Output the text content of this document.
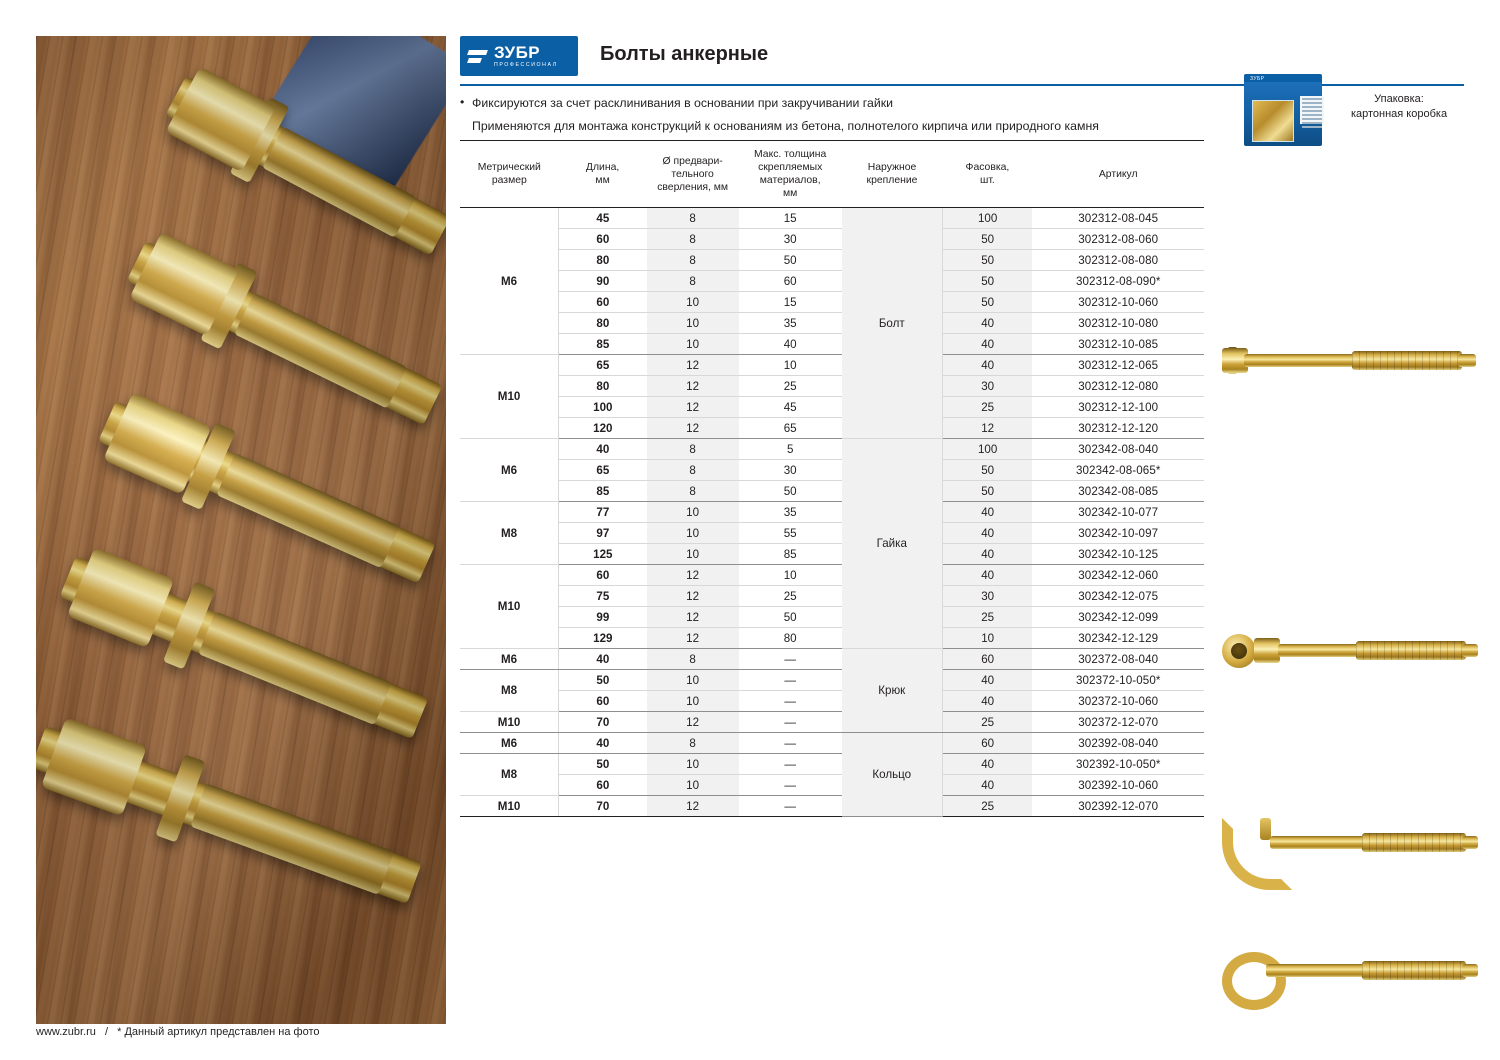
ЗУБР
ПРОФЕССИОНАЛ Болты анкерные
• Фиксируются за счет расклинивания в основании при закручивании гайки
Применяются для монтажа конструкций к основаниям из бетона, полнотелого кирпича или природного камня
ЗУБР
Упаковка:
картонная коробка
Метрический
размер	Длина,
мм	Ø предвари-
тельного
сверления, мм	Макс. толщина
скрепляемых
материалов,
мм	Наружное
крепление	Фасовка,
шт.	Артикул
M6	45	8	15	Болт	100	302312-08-045
	60	8	30		50	302312-08-060
	80	8	50		50	302312-08-080
	90	8	60		50	302312-08-090*
	60	10	15		50	302312-10-060
	80	10	35		40	302312-10-080
	85	10	40		40	302312-10-085
M10	65	12	10		40	302312-12-065
	80	12	25		30	302312-12-080
	100	12	45		25	302312-12-100
	120	12	65		12	302312-12-120
M6	40	8	5	Гайка	100	302342-08-040
	65	8	30		50	302342-08-065*
	85	8	50		50	302342-08-085
M8	77	10	35		40	302342-10-077
	97	10	55		40	302342-10-097
	125	10	85		40	302342-10-125
M10	60	12	10		40	302342-12-060
	75	12	25		30	302342-12-075
	99	12	50		25	302342-12-099
	129	12	80		10	302342-12-129
M6	40	8	—	Крюк	60	302372-08-040
M8	50	10	—		40	302372-10-050*
	60	10	—		40	302372-10-060
M10	70	12	—		25	302372-12-070
M6	40	8	—	Кольцо	60	302392-08-040
M8	50	10	—		40	302392-10-050*
	60	10	—		40	302392-10-060
M10	70	12	—		25	302392-12-070
www.zubr.ru / * Данный артикул представлен на фото
